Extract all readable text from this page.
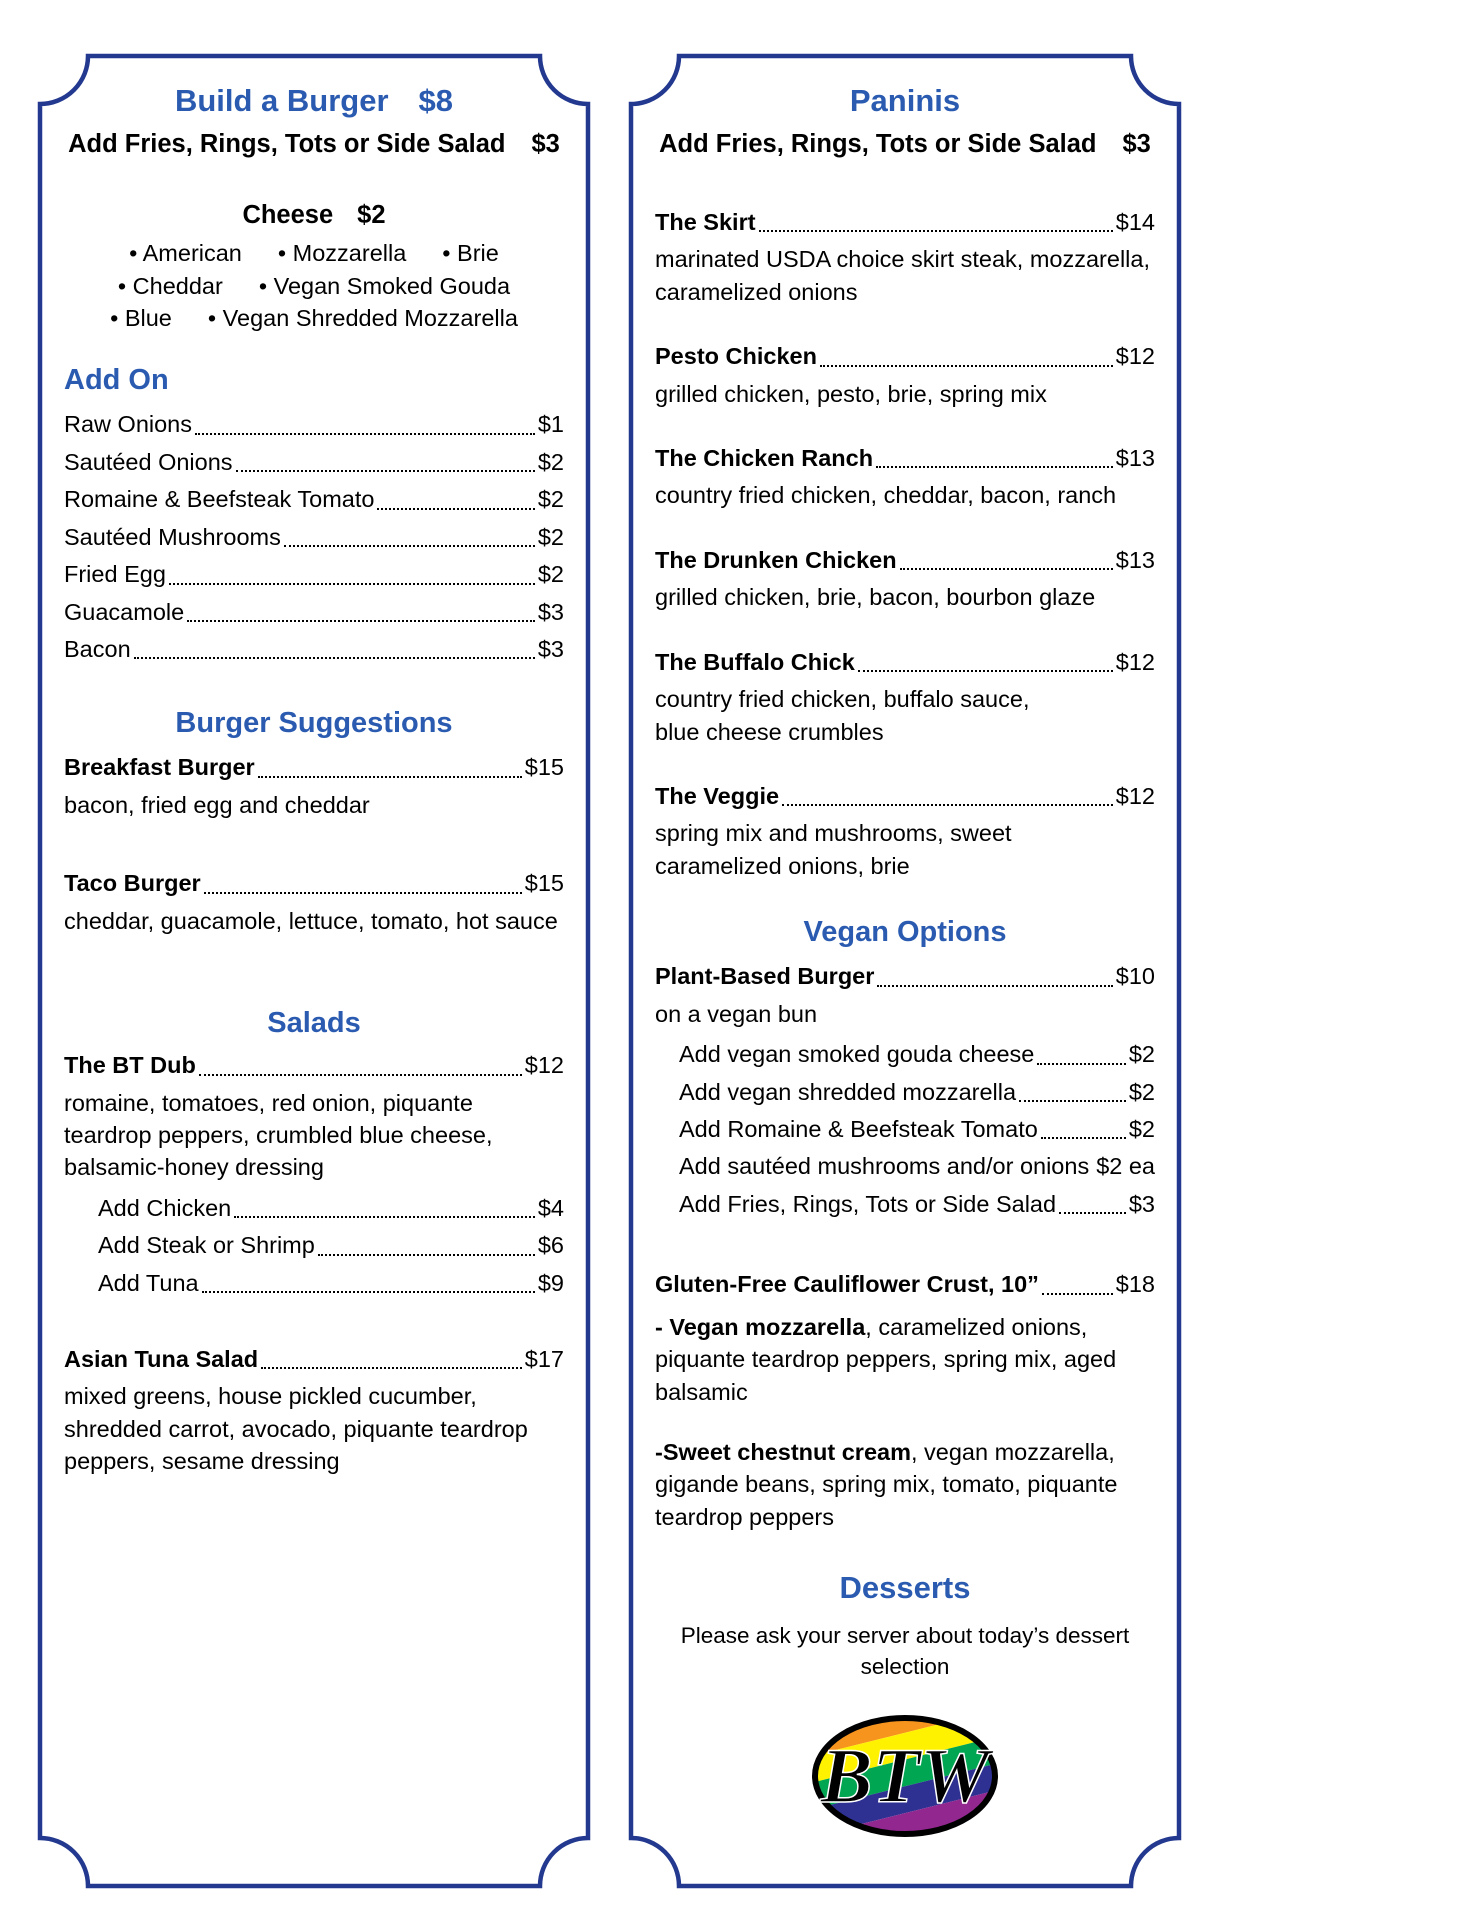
Build a Burger $8
Add Fries, Rings, Tots or Side Salad $3
Cheese $2
• American	• Mozzarella	• Brie
• Cheddar	• Vegan Smoked Gouda
• Blue	• Vegan Shredded Mozzarella
Add On
Raw Onions	$1
Sautéed Onions	$2
Romaine & Beefsteak Tomato	$2
Sautéed Mushrooms	$2
Fried Egg	$2
Guacamole	$3
Bacon	$3
Burger Suggestions
Breakfast Burger	$15

bacon, fried egg and cheddar

Taco Burger	$15

cheddar, guacamole, lettuce, tomato, hot sauce

Salads
The BT Dub	$12

romaine, tomatoes, red onion, piquante teardrop peppers, crumbled blue cheese, balsamic-honey dressing

Add Chicken	$4
Add Steak or Shrimp	$6
Add Tuna	$9
Asian Tuna Salad	$17

mixed greens, house pickled cucumber, shredded carrot, avocado, piquante teardrop peppers, sesame dressing

Paninis
Add Fries, Rings, Tots or Side Salad $3
The Skirt	$14

marinated USDA choice skirt steak, mozzarella, caramelized onions

Pesto Chicken	$12

grilled chicken, pesto, brie, spring mix

The Chicken Ranch	$13

country fried chicken, cheddar, bacon, ranch

The Drunken Chicken	$13

grilled chicken, brie, bacon, bourbon glaze

The Buffalo Chick	$12

country fried chicken, buffalo sauce, blue cheese crumbles

The Veggie	$12

spring mix and mushrooms, sweet caramelized onions, brie

Vegan Options
Plant-Based Burger	$10

on a vegan bun

Add vegan smoked gouda cheese	$2
Add vegan shredded mozzarella	$2
Add Romaine & Beefsteak Tomato	$2
Add sautéed mushrooms and/or onions $2 ea
Add Fries, Rings, Tots or Side Salad	$3
Gluten-Free Cauliflower Crust, 10”	$18

- Vegan mozzarella, caramelized onions, piquante teardrop peppers, spring mix, aged balsamic

-Sweet chestnut cream, vegan mozzarella, gigande beans, spring mix, tomato, piquante teardrop peppers

Desserts

Please ask your server about today’s dessert selection

BTW
